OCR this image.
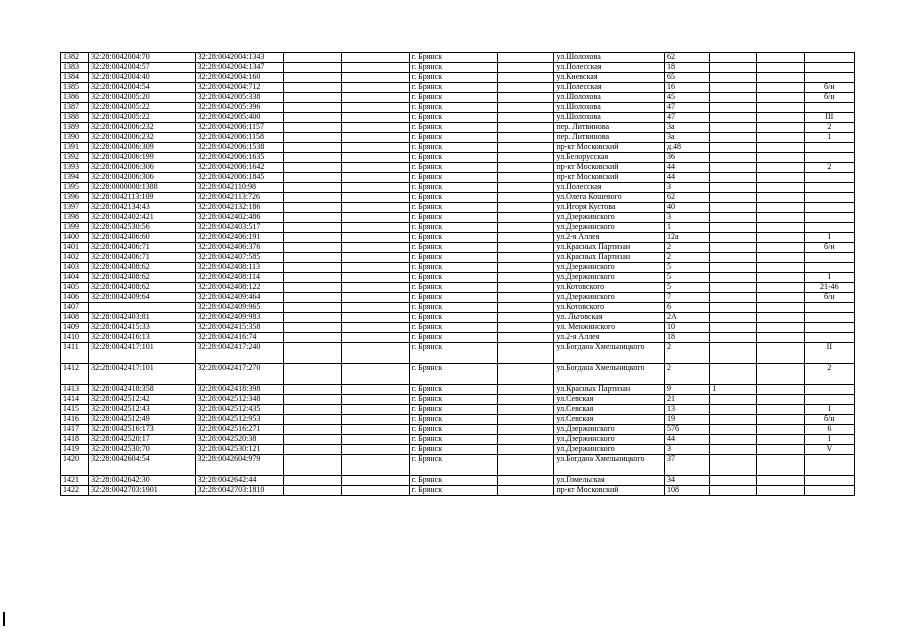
1382	32:28:0042004:70	32:28:0042004:1343			г. Брянск		ул.Шолохова	62			
1383	32:28:0042004:57	32:28:0042004:1347			г. Брянск		ул.Полесская	18			
1384	32:28:0042004:40	32:28:0042004:160			г. Брянск		ул.Киевская	65			
1385	32:28:0042004:54	32:28:0042004:712			г. Брянск		ул.Полесская	16			б/н
1386	32:28:0042005:20	32:28:0042005:338			г. Брянск		ул.Шолохова	45			б/н
1387	32:28:0042005:22	32:28:0042005:396			г. Брянск		ул.Шолохова	47			
1388	32:28:0042005:22	32:28:0042005:400			г. Брянск		ул.Шолохова	47			III
1389	32:28:0042006:232	32:28:0042006:1157			г. Брянск		пер. Литвинова	3а			2
1390	32:28:0042006:232	32:28:0042006:1158			г. Брянск		пер. Литвинова	3а			1
1391	32:28:0042006:309	32:28:0042006:1538			г. Брянск		пр-кт Московский	д.48			
1392	32:28:0042006:199	32:28:0042006:1635			г. Брянск		ул.Белорусская	36			
1393	32:28:0042006:306	32:28:0042006:1642			г. Брянск		пр-кт Московский	44			2
1394	32:28:0042006:306	32:28:0042006:1845			г. Брянск		пр-кт Московский	44			
1395	32:28:0000000:1388	32:28:0042110:98			г. Брянск		ул.Полесская	3			
1396	32:28:0042113:109	32:28:0042113:726			г. Брянск		ул.Олега Кошевого	62			
1397	32:28:0042134:43	32:28:0042132:186			г. Брянск		ул.Игоря Кустова	40			
1398	32:28:0042402:421	32:28:0042402:486			г. Брянск		ул.Дзержинского	3			
1399	32:28:0042530:56	32:28:0042403:517			г. Брянск		ул.Дзержинского	1			
1400	32:28:0042406:60	32:28:0042406:191			г. Брянск		ул.2-я Аллея	12а			I
1401	32:28:0042406:71	32:28:0042406:376			г. Брянск		ул.Красных Партизан	2			б/н
1402	32:28:0042406:71	32:28:0042407:585			г. Брянск		ул.Красных Партизан	2			
1403	32:28:0042408:62	32:28:0042408:113			г. Брянск		ул.Дзержинского	5			
1404	32:28:0042408:62	32:28:0042408:114			г. Брянск		ул.Дзержинского	5			I
1405	32:28:0042408:62	32:28:0042408:122			г. Брянск		ул.Котовского	5			21-46
1406	32:28:0042409:64	32:28:0042409:464			г. Брянск		ул.Дзержинского	7			б/н
1407		32:28:0042409:965			г. Брянск		ул.Котовского	6			
1408	32:28:0042403:81	32:28:0042409:983			г. Брянск		ул. Льговская	2А			
1409	32:28:0042415:33	32:28:0042415:358			г. Брянск		ул. Менжинского	10			
1410	32:28:0042416:13	32:28:0042416:74			г. Брянск		ул.2-я Аллея	18			
1411	32:28:0042417:101	32:28:0042417:240			г. Брянск		ул.Богдана Хмельницкого	2			II
1412	32:28:0042417:101	32:28:0042417:270			г. Брянск		ул.Богдана Хмельницкого	2			2
1413	32:28:0042418:358	32:28:0042418:398			г. Брянск		ул.Красных Партизан	9	1		
1414	32:28:0042512:42	32:28:0042512:348			г. Брянск		ул.Севская	21			
1415	32:28:0042512:43	32:28:0042512:435			г. Брянск		ул.Севская	13			I
1416	32:28:0042512:49	32:28:0042512:953			г. Брянск		ул.Севская	19			б/н
1417	32:28:0042516:173	32:28:0042516:271			г. Брянск		ул.Дзержинского	57б			6
1418	32:28:0042520:17	32:28:0042520:38			г. Брянск		ул.Дзержинского	44			I
1419	32:28:0042530:70	32:28:0042530:121			г. Брянск		ул.Дзержинского	3			V
1420	32:28:0042604:54	32:28:0042604:979			г. Брянск		ул.Богдана Хмельницкого	37			
1421	32:28:0042642:30	32:28:0042642:44			г. Брянск		ул.Гомельская	34			
1422	32:28:0042703:1901	32:28:0042703:1810			г. Брянск		пр-кт Московский	108			
